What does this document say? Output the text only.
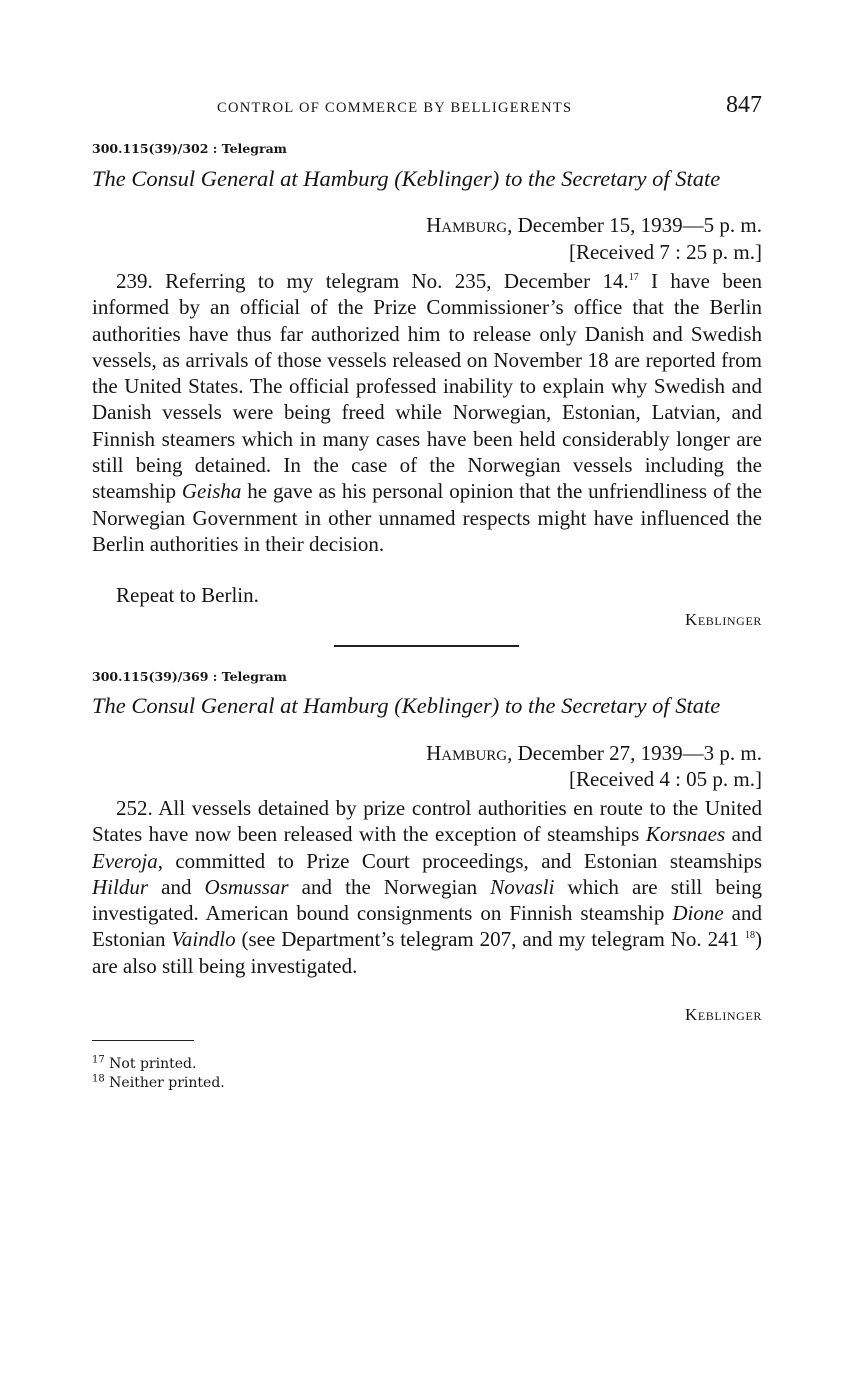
CONTROL OF COMMERCE BY BELLIGERENTS	847
300.115(39)/302 : Telegram
The Consul General at Hamburg (Keblinger) to the Secretary of State
Hamburg, December 15, 1939—5 p. m.
[Received 7 : 25 p. m.]

239. Referring to my telegram No. 235, December 14.17 I have been informed by an official of the Prize Commissioner’s office that the Berlin authorities have thus far authorized him to release only Danish and Swedish vessels, as arrivals of those vessels released on November 18 are reported from the United States. The official professed inability to explain why Swedish and Danish vessels were being freed while Norwegian, Estonian, Latvian, and Finnish steamers which in many cases have been held considerably longer are still being detained. In the case of the Norwegian vessels including the steamship Geisha he gave as his personal opinion that the unfriendliness of the Norwegian Government in other unnamed respects might have influenced the Berlin authorities in their decision.

Repeat to Berlin.
Keblinger
300.115(39)/369 : Telegram
The Consul General at Hamburg (Keblinger) to the Secretary of State
Hamburg, December 27, 1939—3 p. m.
[Received 4 : 05 p. m.]

252. All vessels detained by prize control authorities en route to the United States have now been released with the exception of steamships Korsnaes and Everoja, committed to Prize Court proceedings, and Estonian steamships Hildur and Osmussar and the Norwegian Novasli which are still being investigated. American bound consignments on Finnish steamship Dione and Estonian Vaindlo (see Department’s telegram 207, and my telegram No. 241 $^{18}$) are also still being investigated.

Keblinger
$^{17}$ Not printed.
$^{18}$ Neither printed.
